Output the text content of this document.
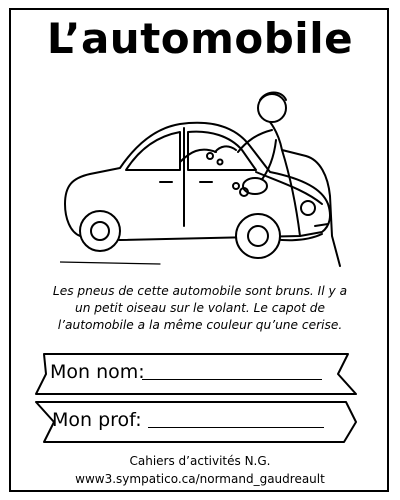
L’automobile
Les pneus de cette automobile sont bruns. Il y a
un petit oiseau sur le volant. Le capot de
l’automobile a la même couleur qu’une cerise.
Mon nom:
Mon prof:
Cahiers d’activités N.G.
www3.sympatico.ca/normand_gaudreault
